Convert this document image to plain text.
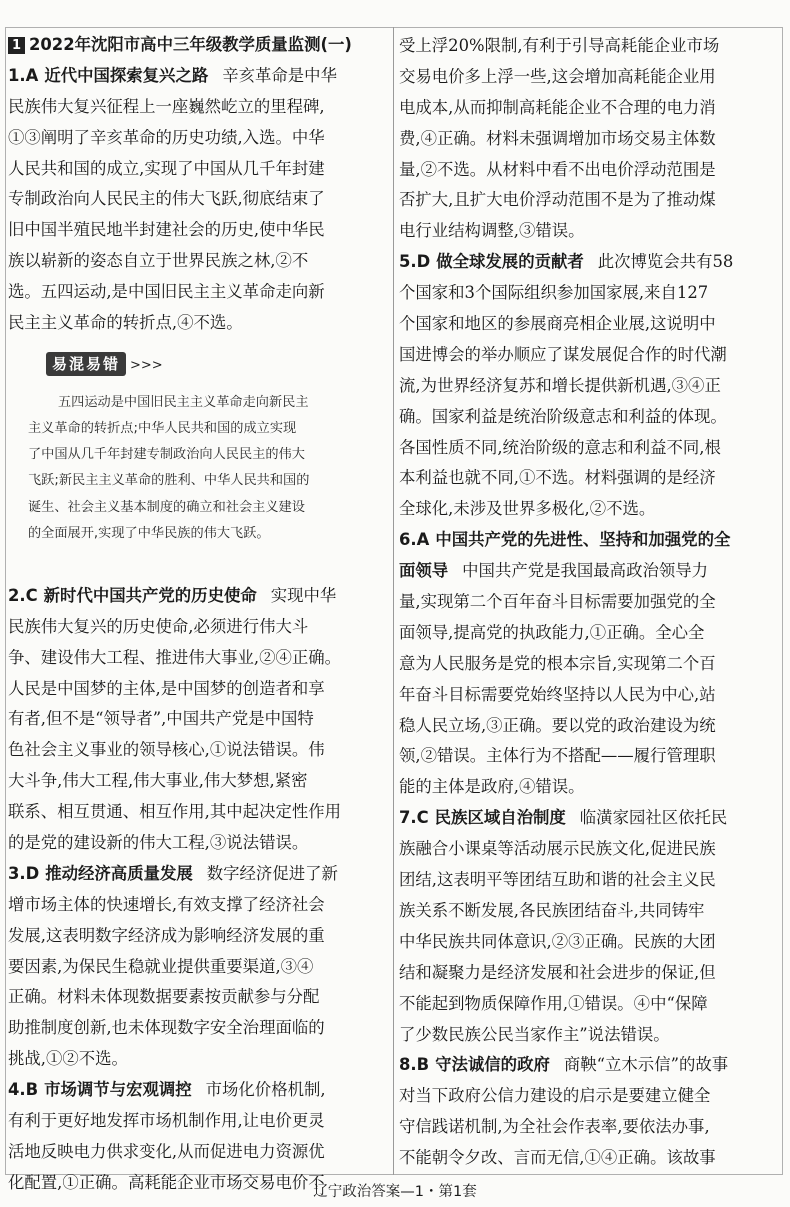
1 2022年沈阳市高中三年级教学质量监测(一)
1.A 近代中国探索复兴之路 辛亥革命是中华
民族伟大复兴征程上一座巍然屹立的里程碑,
①③阐明了辛亥革命的历史功绩,入选。中华
人民共和国的成立,实现了中国从几千年封建
专制政治向人民民主的伟大飞跃,彻底结束了
旧中国半殖民地半封建社会的历史,使中华民
族以崭新的姿态自立于世界民族之林,②不
选。五四运动,是中国旧民主主义革命走向新
民主主义革命的转折点,④不选。
易混易错 >>>
五四运动是中国旧民主主义革命走向新民主
主义革命的转折点;中华人民共和国的成立实现
了中国从几千年封建专制政治向人民民主的伟大
飞跃;新民主主义革命的胜利、中华人民共和国的
诞生、社会主义基本制度的确立和社会主义建设
的全面展开,实现了中华民族的伟大飞跃。
2.C 新时代中国共产党的历史使命 实现中华
民族伟大复兴的历史使命,必须进行伟大斗
争、建设伟大工程、推进伟大事业,②④正确。
人民是中国梦的主体,是中国梦的创造者和享
有者,但不是“领导者”,中国共产党是中国特
色社会主义事业的领导核心,①说法错误。伟
大斗争,伟大工程,伟大事业,伟大梦想,紧密
联系、相互贯通、相互作用,其中起决定性作用
的是党的建设新的伟大工程,③说法错误。
3.D 推动经济高质量发展 数字经济促进了新
增市场主体的快速增长,有效支撑了经济社会
发展,这表明数字经济成为影响经济发展的重
要因素,为保民生稳就业提供重要渠道,③④
正确。材料未体现数据要素按贡献参与分配
助推制度创新,也未体现数字安全治理面临的
挑战,①②不选。
4.B 市场调节与宏观调控 市场化价格机制,
有利于更好地发挥市场机制作用,让电价更灵
活地反映电力供求变化,从而促进电力资源优
化配置,①正确。高耗能企业市场交易电价不
受上浮20%限制,有利于引导高耗能企业市场
交易电价多上浮一些,这会增加高耗能企业用
电成本,从而抑制高耗能企业不合理的电力消
费,④正确。材料未强调增加市场交易主体数
量,②不选。从材料中看不出电价浮动范围是
否扩大,且扩大电价浮动范围不是为了推动煤
电行业结构调整,③错误。
5.D 做全球发展的贡献者 此次博览会共有58
个国家和3个国际组织参加国家展,来自127
个国家和地区的参展商亮相企业展,这说明中
国进博会的举办顺应了谋发展促合作的时代潮
流,为世界经济复苏和增长提供新机遇,③④正
确。国家利益是统治阶级意志和利益的体现。
各国性质不同,统治阶级的意志和利益不同,根
本利益也就不同,①不选。材料强调的是经济
全球化,未涉及世界多极化,②不选。
6.A 中国共产党的先进性、坚持和加强党的全
面领导 中国共产党是我国最高政治领导力
量,实现第二个百年奋斗目标需要加强党的全
面领导,提高党的执政能力,①正确。全心全
意为人民服务是党的根本宗旨,实现第二个百
年奋斗目标需要党始终坚持以人民为中心,站
稳人民立场,③正确。要以党的政治建设为统
领,②错误。主体行为不搭配——履行管理职
能的主体是政府,④错误。
7.C 民族区域自治制度 临潢家园社区依托民
族融合小课桌等活动展示民族文化,促进民族
团结,这表明平等团结互助和谐的社会主义民
族关系不断发展,各民族团结奋斗,共同铸牢
中华民族共同体意识,②③正确。民族的大团
结和凝聚力是经济发展和社会进步的保证,但
不能起到物质保障作用,①错误。④中“保障
了少数民族公民当家作主”说法错误。
8.B 守法诚信的政府 商鞅“立木示信”的故事
对当下政府公信力建设的启示是要建立健全
守信践诺机制,为全社会作表率,要依法办事,
不能朝令夕改、言而无信,①④正确。该故事
辽宁政治答案—1・第1套
